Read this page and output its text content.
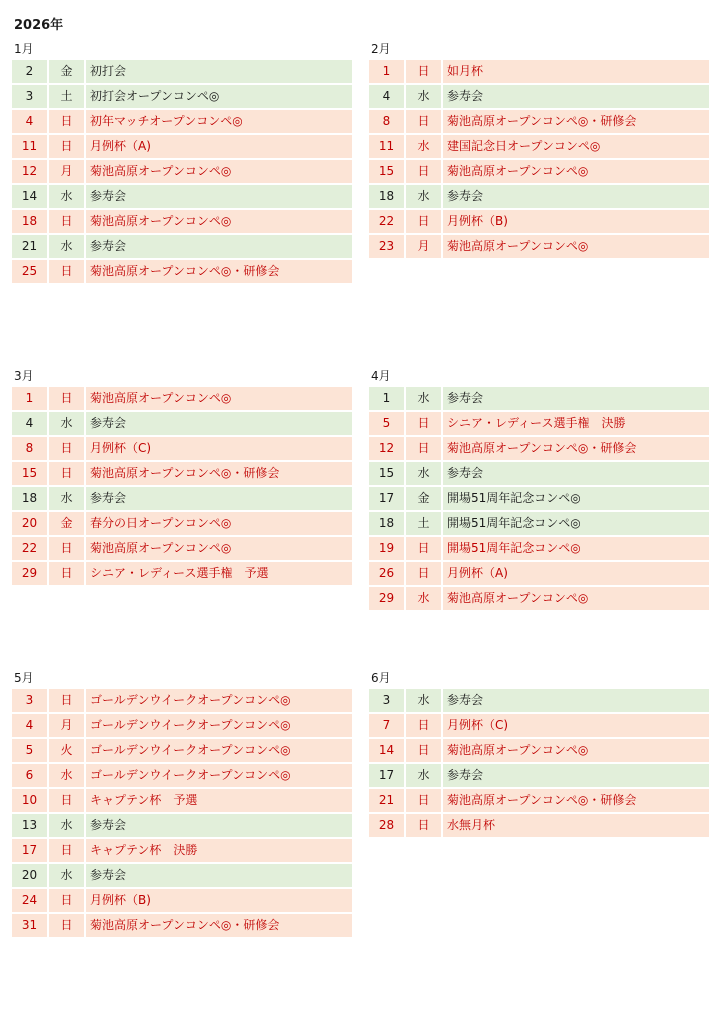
2026年
1月
2	金	初打会
3	土	初打会オープンコンペ◎
4	日	初年マッチオープンコンペ◎
11	日	月例杯（A)
12	月	菊池高原オープンコンペ◎
14	水	参寿会
18	日	菊池高原オープンコンペ◎
21	水	参寿会
25	日	菊池高原オープンコンペ◎・研修会
2月
1	日	如月杯
4	水	参寿会
8	日	菊池高原オープンコンペ◎・研修会
11	水	建国記念日オープンコンペ◎
15	日	菊池高原オープンコンペ◎
18	水	参寿会
22	日	月例杯（B)
23	月	菊池高原オープンコンペ◎
3月
1	日	菊池高原オープンコンペ◎
4	水	参寿会
8	日	月例杯（C)
15	日	菊池高原オープンコンペ◎・研修会
18	水	参寿会
20	金	春分の日オープンコンペ◎
22	日	菊池高原オープンコンペ◎
29	日	シニア・レディース選手権　予選
4月
1	水	参寿会
5	日	シニア・レディース選手権　決勝
12	日	菊池高原オープンコンペ◎・研修会
15	水	参寿会
17	金	開場51周年記念コンペ◎
18	土	開場51周年記念コンペ◎
19	日	開場51周年記念コンペ◎
26	日	月例杯（A)
29	水	菊池高原オープンコンペ◎
5月
3	日	ゴールデンウイークオープンコンペ◎
4	月	ゴールデンウイークオープンコンペ◎
5	火	ゴールデンウイークオープンコンペ◎
6	水	ゴールデンウイークオープンコンペ◎
10	日	キャプテン杯　予選
13	水	参寿会
17	日	キャプテン杯　決勝
20	水	参寿会
24	日	月例杯（B)
31	日	菊池高原オープンコンペ◎・研修会
6月
3	水	参寿会
7	日	月例杯（C)
14	日	菊池高原オープンコンペ◎
17	水	参寿会
21	日	菊池高原オープンコンペ◎・研修会
28	日	水無月杯
